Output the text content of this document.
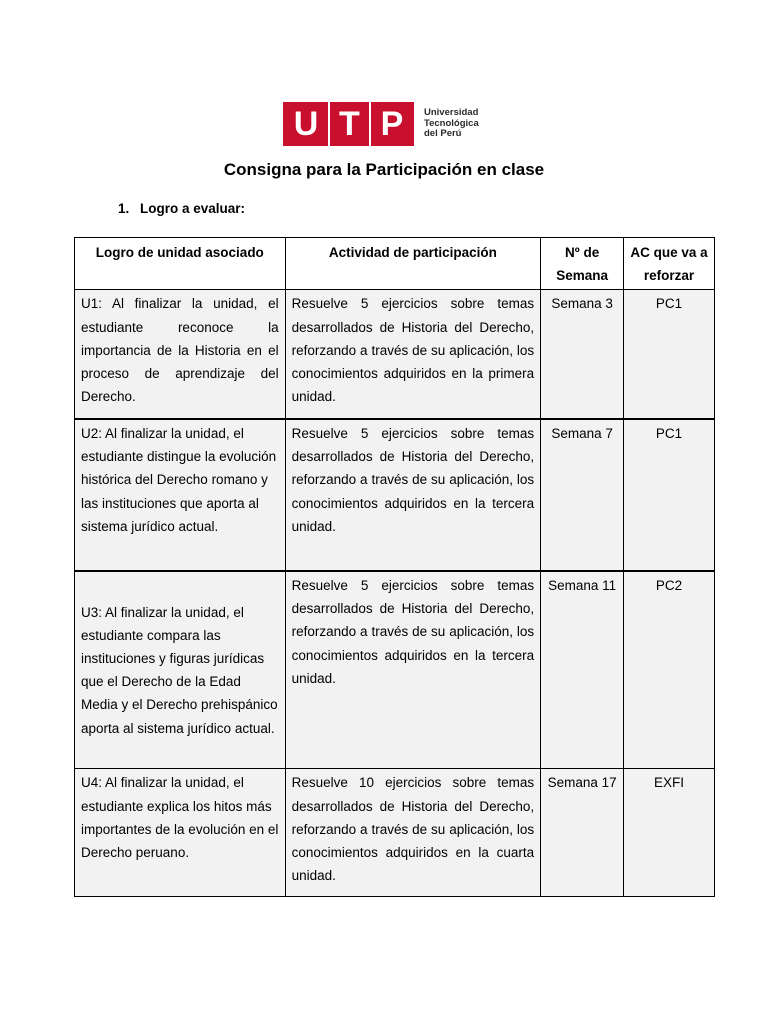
U T P Universidad
Tecnológica
del Perú
Consigna para la Participación en clase
1. Logro a evaluar:
Logro de unidad asociado	Actividad de participación	Nº de Semana	AC que va a reforzar
U1: Al finalizar la unidad, el estudiante reconoce la importancia de la Historia en el proceso de aprendizaje del Derecho.	Resuelve 5 ejercicios sobre temas desarrollados de Historia del Derecho, reforzando a través de su aplicación, los conocimientos adquiridos en la primera unidad.	Semana 3	PC1
U2: Al finalizar la unidad, el estudiante distingue la evolución histórica del Derecho romano y las instituciones que aporta al sistema jurídico actual.	Resuelve 5 ejercicios sobre temas desarrollados de Historia del Derecho, reforzando a través de su aplicación, los conocimientos adquiridos en la tercera unidad.	Semana 7	PC1
U3: Al finalizar la unidad, el estudiante compara las instituciones y figuras jurídicas que el Derecho de la Edad Media y el Derecho prehispánico aporta al sistema jurídico actual.	Resuelve 5 ejercicios sobre temas desarrollados de Historia del Derecho, reforzando a través de su aplicación, los conocimientos adquiridos en la tercera unidad.	Semana 11	PC2
U4: Al finalizar la unidad, el estudiante explica los hitos más importantes de la evolución en el Derecho peruano.	Resuelve 10 ejercicios sobre temas desarrollados de Historia del Derecho, reforzando a través de su aplicación, los conocimientos adquiridos en la cuarta unidad.	Semana 17	EXFI
